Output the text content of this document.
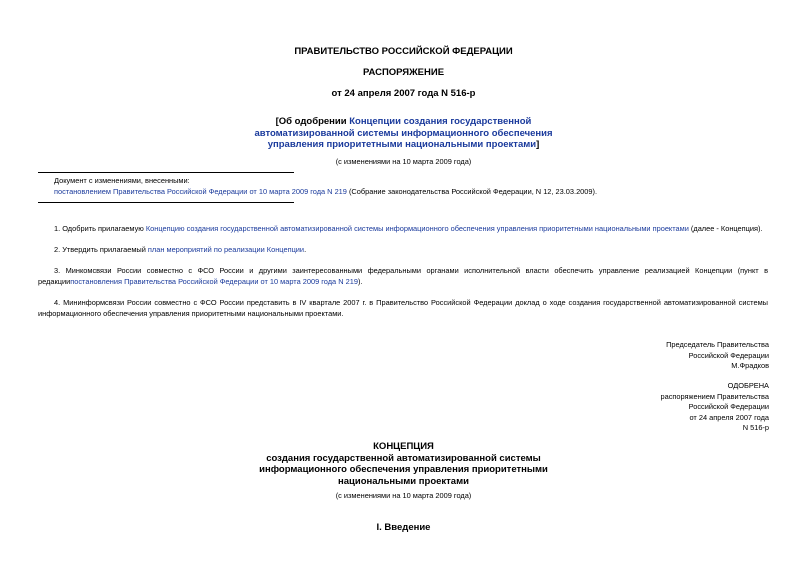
ПРАВИТЕЛЬСТВО РОССИЙСКОЙ ФЕДЕРАЦИИ
РАСПОРЯЖЕНИЕ
от 24 апреля 2007 года N 516-р
[Об одобрении Концепции создания государственной
автоматизированной системы информационного обеспечения
управления приоритетными национальными проектами]
(с изменениями на 10 марта 2009 года)
Документ с изменениями, внесенными:
постановлением Правительства Российской Федерации от 10 марта 2009 года N 219 (Собрание законодательства Российской Федерации, N 12, 23.03.2009).
1. Одобрить прилагаемую Концепцию создания государственной автоматизированной системы информационного обеспечения управления приоритетными национальными проектами (далее - Концепция).
2. Утвердить прилагаемый план мероприятий по реализации Концепции.
3. Минкомсвязи России совместно с ФСО России и другими заинтересованными федеральными органами исполнительной власти обеспечить управление реализацией Концепции (пункт в редакциипостановления Правительства Российской Федерации от 10 марта 2009 года N 219).
4. Мининформсвязи России совместно с ФСО России представить в IV квартале 2007 г. в Правительство Российской Федерации доклад о ходе создания государственной автоматизированной системы информационного обеспечения управления приоритетными национальными проектами.
Председатель Правительства
Российской Федерации
М.Фрадков
ОДОБРЕНА
распоряжением Правительства
Российской Федерации
от 24 апреля 2007 года
N 516-р
КОНЦЕПЦИЯ
создания государственной автоматизированной системы
информационного обеспечения управления приоритетными
национальными проектами
(с изменениями на 10 марта 2009 года)
I. Введение
